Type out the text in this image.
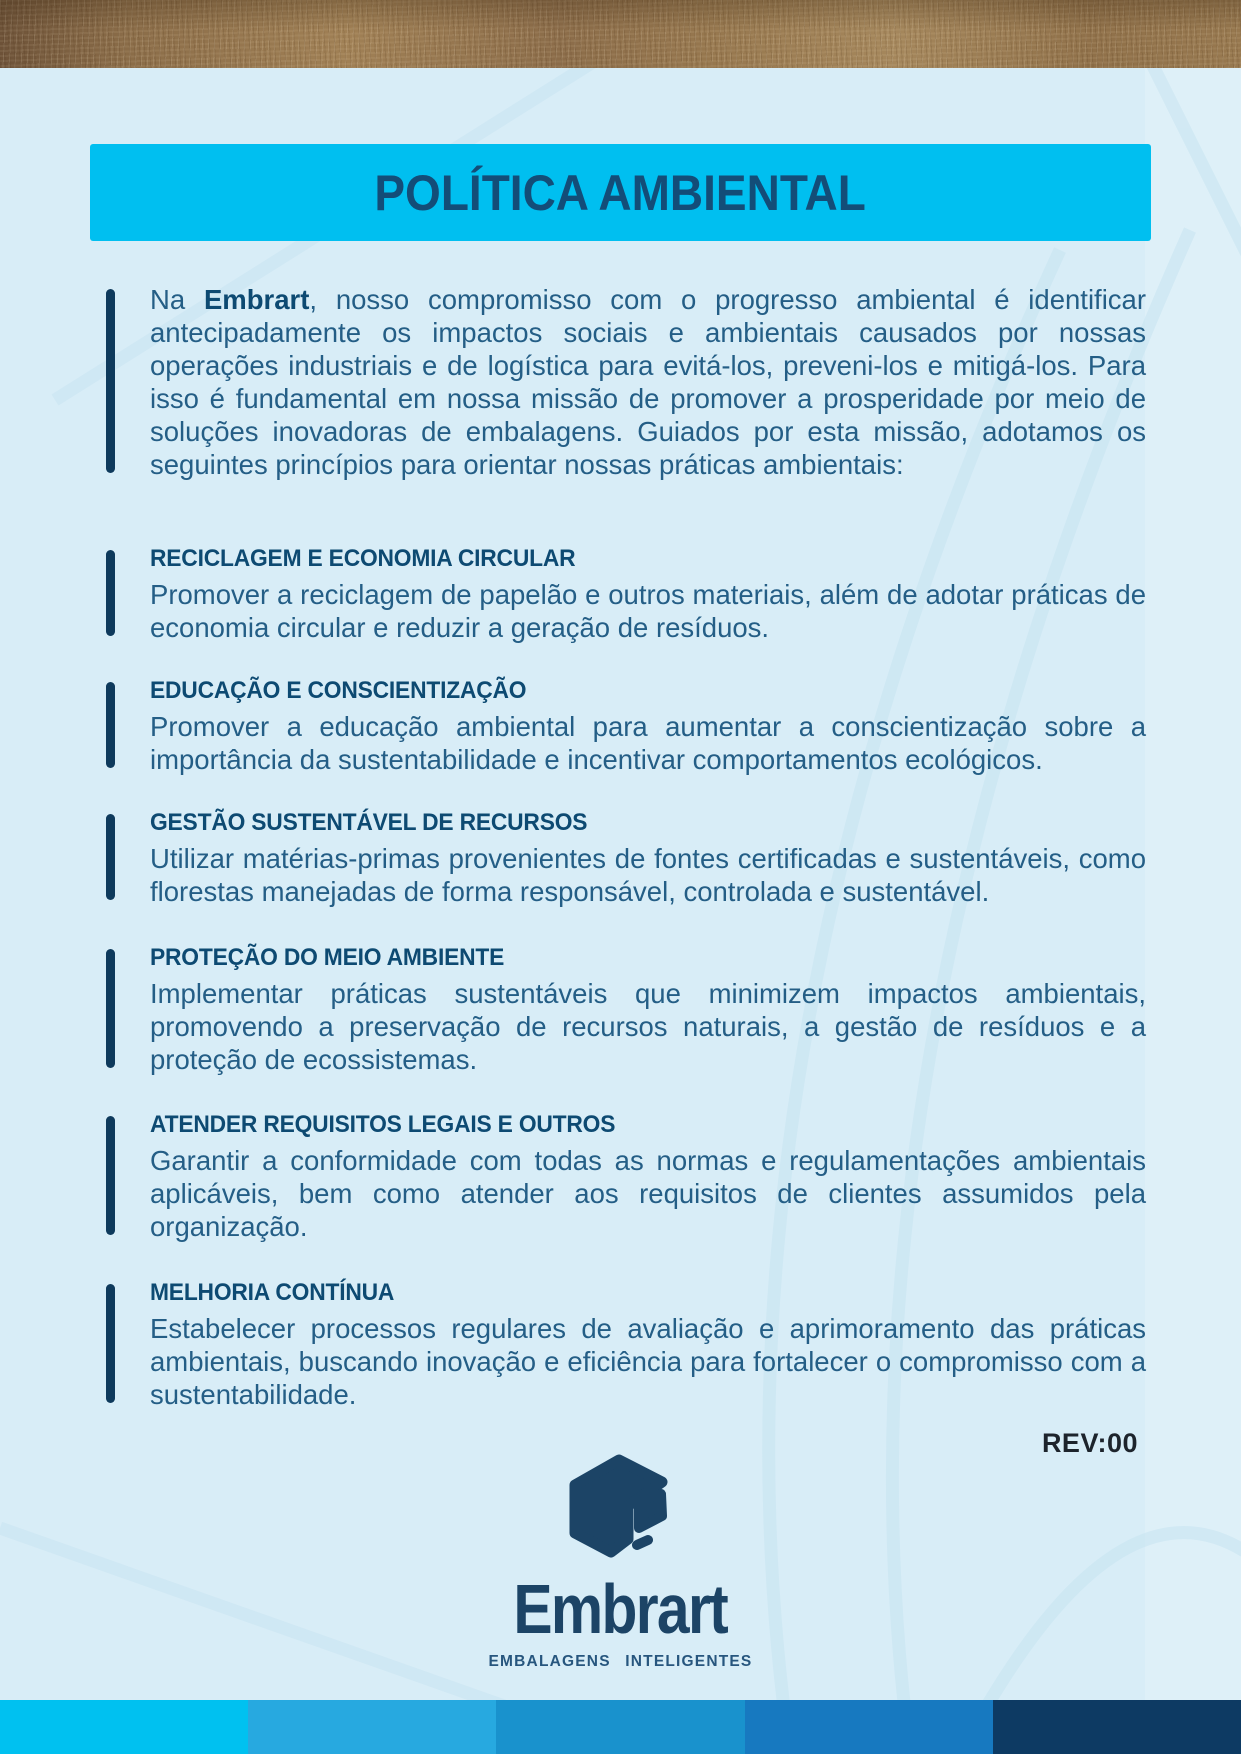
POLÍTICA AMBIENTAL

Na Embrart, nosso compromisso com o progresso ambiental é identificar antecipadamente os impactos sociais e ambientais causados por nossas operações industriais e de logística para evitá-los, preveni-los e mitigá-los. Para isso é fundamental em nossa missão de promover a prosperidade por meio de soluções inovadoras de embalagens. Guiados por esta missão, adotamos os seguintes princípios para orientar nossas práticas ambientais:

RECICLAGEM E ECONOMIA CIRCULAR

Promover a reciclagem de papelão e outros materiais, além de adotar práticas de economia circular e reduzir a geração de resíduos.

EDUCAÇÃO E CONSCIENTIZAÇÃO

Promover a educação ambiental para aumentar a conscientização sobre a importância da sustentabilidade e incentivar comportamentos ecológicos.

GESTÃO SUSTENTÁVEL DE RECURSOS

Utilizar matérias-primas provenientes de fontes certificadas e sustentáveis, como florestas manejadas de forma responsável, controlada e sustentável.

PROTEÇÃO DO MEIO AMBIENTE

Implementar práticas sustentáveis que minimizem impactos ambientais, promovendo a preservação de recursos naturais, a gestão de resíduos e a proteção de ecossistemas.

ATENDER REQUISITOS LEGAIS E OUTROS

Garantir a conformidade com todas as normas e regulamentações ambientais aplicáveis, bem como atender aos requisitos de clientes assumidos pela organização.

MELHORIA CONTÍNUA

Estabelecer processos regulares de avaliação e aprimoramento das práticas ambientais, buscando inovação e eficiência para fortalecer o compromisso com a sustentabilidade.

REV:00
Embrart
EMBALAGENS INTELIGENTES
